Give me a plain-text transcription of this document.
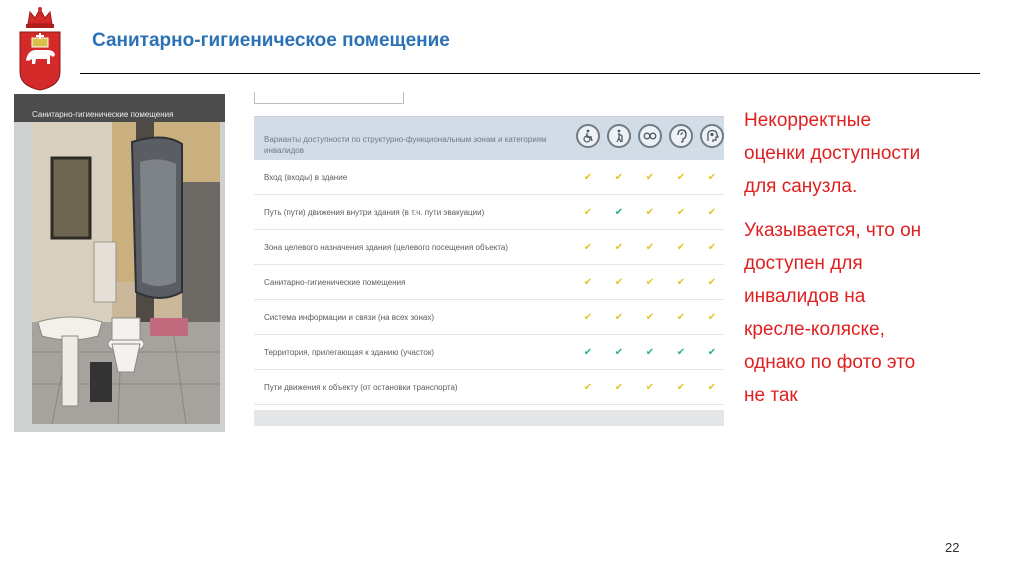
Санитарно-гигиеническое помещение
Санитарно-гигиенические помещения
Варианты доступности по структурно-функциональным зонам и категориям инвалидов
Вход (входы) в здание	✔ ✔ ✔ ✔ ✔
Путь (пути) движения внутри здания (в т.ч. пути эвакуации)	✔ ✔ ✔ ✔ ✔
Зона целевого назначения здания (целевого посещения объекта)	✔ ✔ ✔ ✔ ✔
Санитарно-гигиенические помещения	✔ ✔ ✔ ✔ ✔
Система информации и связи (на всех зонах)	✔ ✔ ✔ ✔ ✔
Территория, прилегающая к зданию (участок)	✔ ✔ ✔ ✔ ✔
Пути движения к объекту (от остановки транспорта)	✔ ✔ ✔ ✔ ✔
Некорректные
оценки доступности
для санузла.
Указывается, что он
доступен для
инвалидов на
кресле-коляске,
однако по фото это
не так
22
